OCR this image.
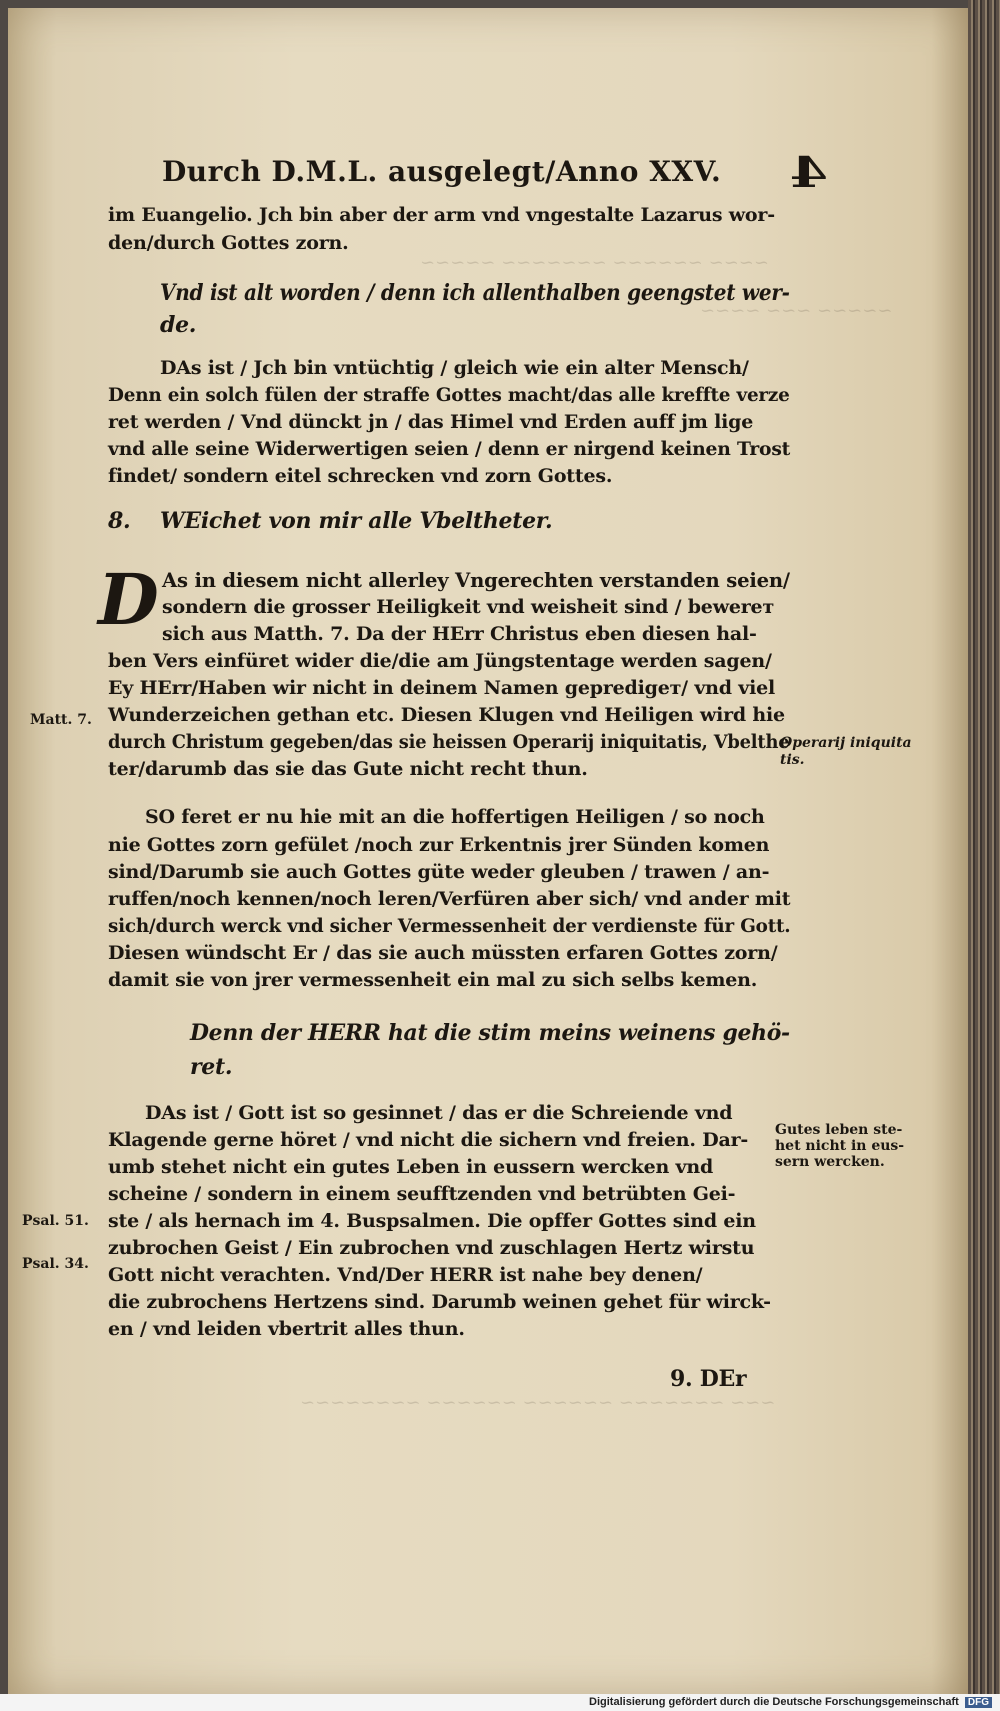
~~~~ ~~~~~~ ~~~~~~~ ~~~~~
~~~~~ ~~~ ~~~~
~~~ ~~~~~~~ ~~~~~~ ~~~~~~ ~~~~~~~~
Durch D.M.L. ausgelegt/Anno XXV. 4
im Euangelio. Jch bin aber der arm vnd vngestalte Lazarus wor-
den/durch Gottes zorn.
Vnd ist alt worden / denn ich allenthalben geengstet wer-
de.
DAs ist / Jch bin vntüchtig / gleich wie ein alter Mensch/
Denn ein solch fülen der straffe Gottes macht/das alle kreffte verze
ret werden / Vnd dünckt jn / das Himel vnd Erden auff jm lige
vnd alle seine Widerwertigen seien / denn er nirgend keinen Trost
findet/ sondern eitel schrecken vnd zorn Gottes.
8. WEichet von mir alle Vbeltheter.
D As in diesem nicht allerley Vngerechten verstanden seien/
sondern die grosser Heiligkeit vnd weisheit sind / bewerет
sich aus Matth. 7. Da der HErr Christus eben diesen hal-
ben Vers einfüret wider die/die am Jüngstentage werden sagen/
Ey HErr/Haben wir nicht in deinem Namen gepredigет/ vnd viel
Wunderzeichen gethan etc. Diesen Klugen vnd Heiligen wird hie
durch Christum gegeben/das sie heissen Operarij iniquitatis, Vbelthe
ter/darumb das sie das Gute nicht recht thun.
SO feret er nu hie mit an die hoffertigen Heiligen / so noch
nie Gottes zorn gefület /noch zur Erkentnis jrer Sünden komen
sind/Darumb sie auch Gottes güte weder gleuben / trawen / an-
ruffen/noch kennen/noch leren/Verfüren aber sich/ vnd ander mit
sich/durch werck vnd sicher Vermessenheit der verdienste für Gott.
Diesen wündscht Er / das sie auch müssten erfaren Gottes zorn/
damit sie von jrer vermessenheit ein mal zu sich selbs kemen.
Denn der HERR hat die stim meins weinens gehö-
ret.
DAs ist / Gott ist so gesinnet / das er die Schreiende vnd
Klagende gerne höret / vnd nicht die sichern vnd freien. Dar-
umb stehet nicht ein gutes Leben in eussern wercken vnd
scheine / sondern in einem seufftzenden vnd betrübten Gei-
ste / als hernach im 4. Buspsalmen. Die opffer Gottes sind ein
zubrochen Geist / Ein zubrochen vnd zuschlagen Hertz wirstu
Gott nicht verachten. Vnd/Der HERR ist nahe bey denen/
die zubrochens Hertzens sind. Darumb weinen gehet für wirck-
en / vnd leiden vbertrit alles thun.
9. DEr
Matt. 7.
Operarij iniquita
tis.
Gutes leben ste-
het nicht in eus-
sern wercken.
Psal. 51.
Psal. 34.
Digitalisierung gefördert durch die Deutsche Forschungsgemeinschaft DFG
